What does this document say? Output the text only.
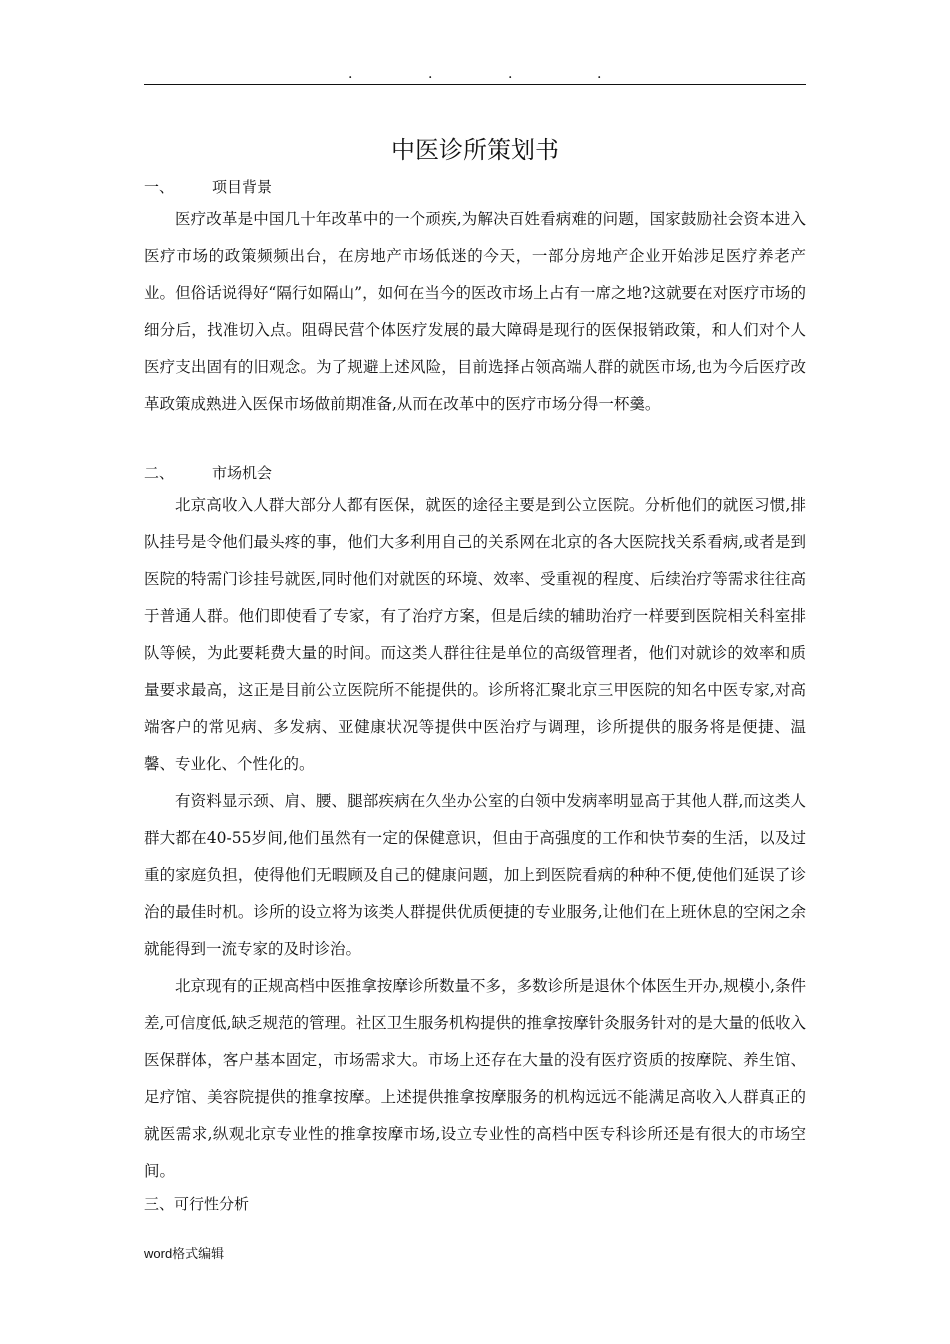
.	.	.	.
中医诊所策划书
一、	项目背景

医疗改革是中国几十年改革中的一个顽疾,为解决百姓看病难的问题，国家鼓励社会资本进入医疗市场的政策频频出台，在房地产市场低迷的今天，一部分房地产企业开始涉足医疗养老产业。但俗话说得好“隔行如隔山”，如何在当今的医改市场上占有一席之地?这就要在对医疗市场的细分后，找准切入点。阻碍民营个体医疗发展的最大障碍是现行的医保报销政策，和人们对个人医疗支出固有的旧观念。为了规避上述风险，目前选择占领高端人群的就医市场,也为今后医疗改革政策成熟进入医保市场做前期准备,从而在改革中的医疗市场分得一杯羹。

二、	市场机会

北京高收入人群大部分人都有医保，就医的途径主要是到公立医院。分析他们的就医习惯,排队挂号是令他们最头疼的事，他们大多利用自己的关系网在北京的各大医院找关系看病,或者是到医院的特需门诊挂号就医,同时他们对就医的环境、效率、受重视的程度、后续治疗等需求往往高于普通人群。他们即使看了专家，有了治疗方案，但是后续的辅助治疗一样要到医院相关科室排队等候，为此要耗费大量的时间。而这类人群往往是单位的高级管理者，他们对就诊的效率和质量要求最高，这正是目前公立医院所不能提供的。诊所将汇聚北京三甲医院的知名中医专家,对高端客户的常见病、多发病、亚健康状况等提供中医治疗与调理，诊所提供的服务将是便捷、温馨、专业化、个性化的。

有资料显示颈、肩、腰、腿部疾病在久坐办公室的白领中发病率明显高于其他人群,而这类人群大都在40-55岁间,他们虽然有一定的保健意识，但由于高强度的工作和快节奏的生活，以及过重的家庭负担，使得他们无暇顾及自己的健康问题，加上到医院看病的种种不便,使他们延误了诊治的最佳时机。诊所的设立将为该类人群提供优质便捷的专业服务,让他们在上班休息的空闲之余就能得到一流专家的及时诊治。

北京现有的正规高档中医推拿按摩诊所数量不多，多数诊所是退休个体医生开办,规模小,条件差,可信度低,缺乏规范的管理。社区卫生服务机构提供的推拿按摩针灸服务针对的是大量的低收入医保群体，客户基本固定，市场需求大。市场上还存在大量的没有医疗资质的按摩院、养生馆、足疗馆、美容院提供的推拿按摩。上述提供推拿按摩服务的机构远远不能满足高收入人群真正的就医需求,纵观北京专业性的推拿按摩市场,设立专业性的高档中医专科诊所还是有很大的市场空间。

三、可行性分析
word格式编辑
